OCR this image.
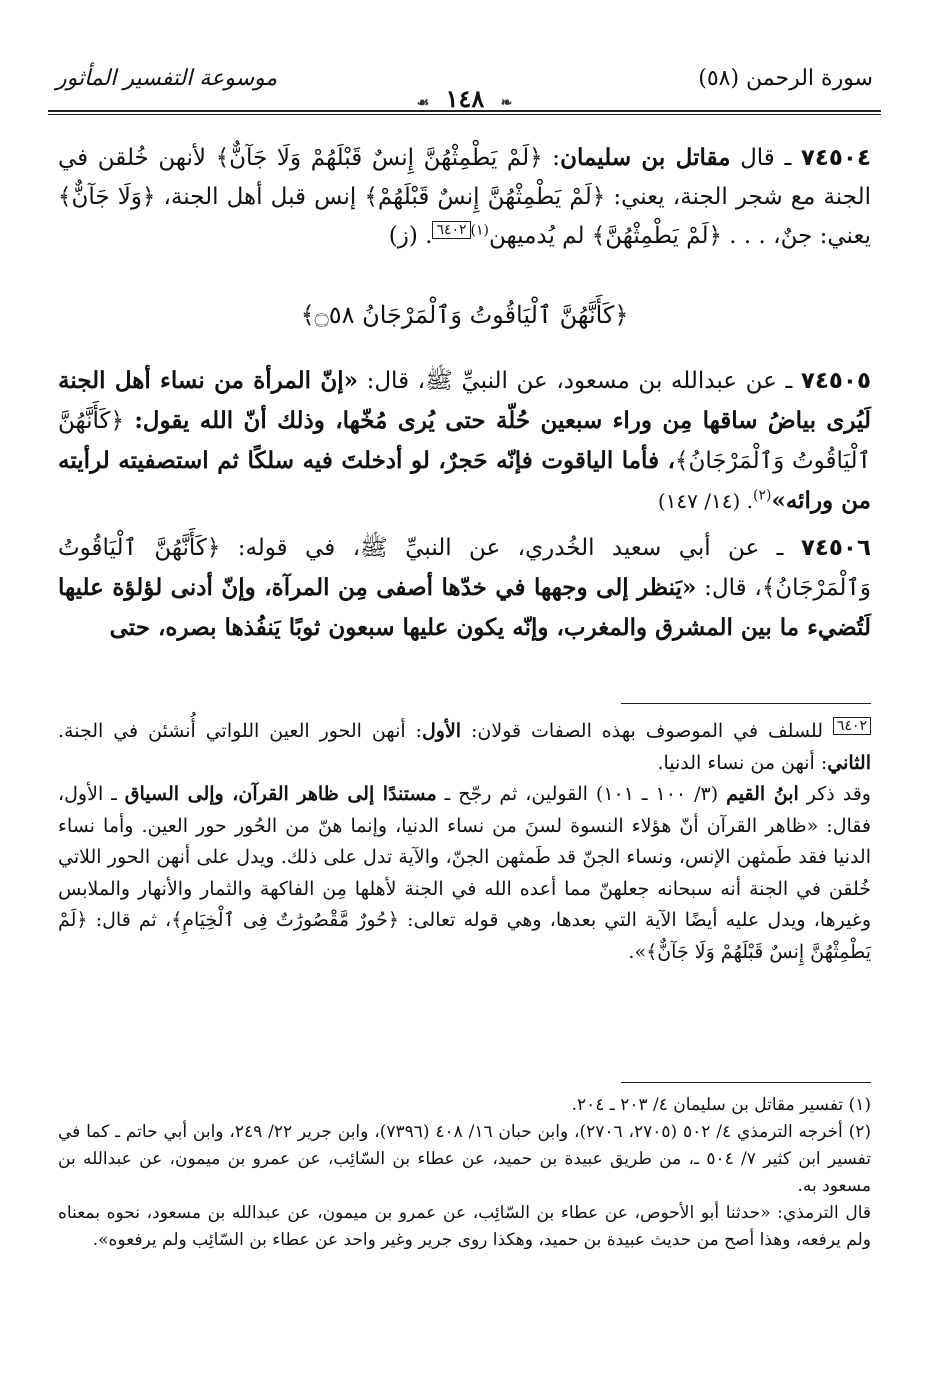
سورة الرحمن (٥٨)
❧ ١٤٨ ☙
موسوعة التفسير المأثور

٧٤٥٠٤ ـ قال مقاتل بن سليمان: ﴿لَمْ يَطْمِثْهُنَّ إِنسٌ قَبْلَهُمْ وَلَا جَآنٌّ﴾ لأنهن خُلقن في الجنة مع شجر الجنة، يعني: ﴿لَمْ يَطْمِثْهُنَّ إِنسٌ قَبْلَهُمْ﴾ إنس قبل أهل الجنة، ﴿وَلَا جَآنٌّ﴾ يعني: جنٌ، . . . ﴿لَمْ يَطْمِثْهُنَّ﴾ لم يُدميهن$^{(١)}$٦٤٠٢. (ز)

﴿كَأَنَّهُنَّ ٱلْيَاقُوتُ وَٱلْمَرْجَانُ ۝٥٨﴾

٧٤٥٠٥ ـ عن عبدالله بن مسعود، عن النبيِّ ﷺ، قال: «إنّ المرأة من نساء أهل الجنة لَيُرى بياضُ ساقها مِن وراء سبعين حُلّة حتى يُرى مُخّها، وذلك أنّ الله يقول: ﴿كَأَنَّهُنَّ ٱلْيَاقُوتُ وَٱلْمَرْجَانُ﴾، فأما الياقوت فإنّه حَجرٌ، لو أدخلتَ فيه سلكًا ثم استصفيته لرأيته من ورائه»$^{(٢)}$. (١٤/ ١٤٧)

٧٤٥٠٦ ـ عن أبي سعيد الخُدري، عن النبيِّ ﷺ، في قوله: ﴿كَأَنَّهُنَّ ٱلْيَاقُوتُ وَٱلْمَرْجَانُ﴾، قال: «يَنظر إلى وجهها في خدّها أصفى مِن المرآة، وإنّ أدنى لؤلؤة عليها لَتُضيء ما بين المشرق والمغرب، وإنّه يكون عليها سبعون ثوبًا يَنفُذها بصره، حتى

٦٤٠٢ للسلف في الموصوف بهذه الصفات قولان: الأول: أنهن الحور العين اللواتي أُنشئن في الجنة. الثاني: أنهن من نساء الدنيا.

وقد ذكر ابنُ القيم (٣/ ١٠٠ ـ ١٠١) القولين، ثم رجّح ـ مستندًا إلى ظاهر القرآن، وإلى السياق ـ الأول، فقال: «ظاهر القرآن أنّ هؤلاء النسوة لسنَ من نساء الدنيا، وإنما هنّ من الحُور حور العين. وأما نساء الدنيا فقد طَمثهن الإنس، ونساء الجنّ قد طَمثهن الجنّ، والآية تدل على ذلك. ويدل على أنهن الحور اللاتي خُلقن في الجنة أنه سبحانه جعلهنّ مما أعده الله في الجنة لأهلها مِن الفاكهة والثمار والأنهار والملابس وغيرها، ويدل عليه أيضًا الآية التي بعدها، وهي قوله تعالى: ﴿حُورٌ مَّقْصُورَٰتٌ فِى ٱلْخِيَامِ﴾، ثم قال: ﴿لَمْ يَطْمِثْهُنَّ إِنسٌ قَبْلَهُمْ وَلَا جَآنٌّ﴾».

(١) تفسير مقاتل بن سليمان ٤/ ٢٠٣ ـ ٢٠٤.

(٢) أخرجه الترمذي ٤/ ٥٠٢ (٢٧٠٥، ٢٧٠٦)، وابن حبان ١٦/ ٤٠٨ (٧٣٩٦)، وابن جرير ٢٢/ ٢٤٩، وابن أبي حاتم ـ كما في تفسير ابن كثير ٧/ ٥٠٤ ـ، من طريق عبيدة بن حميد، عن عطاء بن السّائِب، عن عمرو بن ميمون، عن عبدالله بن مسعود به.

قال الترمذي: «حدثنا أبو الأحوص، عن عطاء بن السّائِب، عن عمرو بن ميمون، عن عبدالله بن مسعود، نحوه بمعناه ولم يرفعه، وهذا أصح من حديث عبيدة بن حميد، وهكذا روى جرير وغير واحد عن عطاء بن السّائِب ولم يرفعوه».
